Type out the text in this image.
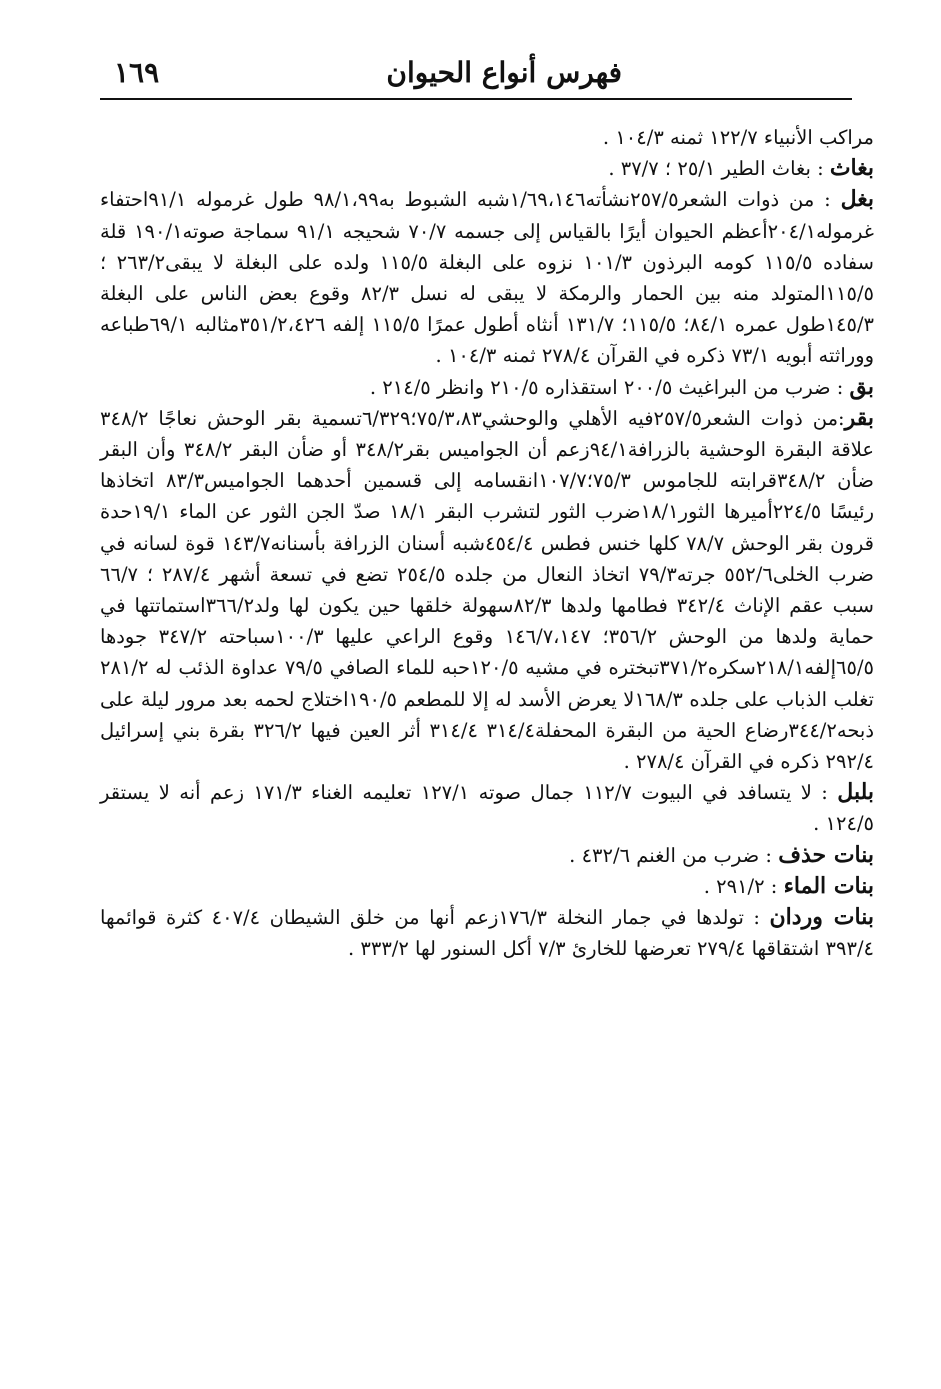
فهرس أنواع الحيوان
١٦٩

مراكب الأنبياء ١٢٢/٧ ثمنه ١٠٤/٣ .

بغاث : بغاث الطير ٢٥/١ ؛ ٣٧/٧ .

بغل : من ذوات الشعر٢٥٧/٥نشأته١/٦٩،١٤٦شبه الشبوط به٩٨/١،٩٩ طول غرموله ٩١/١احتفاء غرموله٢٠٤/١أعظم الحيوان أيرًا بالقياس إلى جسمه ٧٠/٧ شحيجه ٩١/١ سماجة صوته١٩٠/١ قلة سفاده ١١٥/٥ كومه البرذون ١٠١/٣ نزوه على البغلة ١١٥/٥ ولده على البغلة لا يبقى٢٦٣/٢ ؛ ١١٥/٥المتولد منه بين الحمار والرمكة لا يبقى له نسل ٨٢/٣ وقوع بعض الناس على البغلة ١٤٥/٣طول عمره ٨٤/١؛ ١١٥/٥؛ ١٣١/٧ أنثاه أطول عمرًا ١١٥/٥ إلفه ٣٥١/٢،٤٢٦مثالبه ٦٩/١طباعه ووراثته أبويه ٧٣/١ ذكره في القرآن ٢٧٨/٤ ثمنه ١٠٤/٣ .

بق : ضرب من البراغيث ٢٠٠/٥ استقذاره ٢١٠/٥ وانظر ٢١٤/٥ .

بقر:من ذوات الشعر٢٥٧/٥فيه الأهلي والوحشي٧٥/٣،٨٣؛٦/٣٢٩تسمية بقر الوحش نعاجًا ٣٤٨/٢ علاقة البقرة الوحشية بالزرافة٩٤/١زعم أن الجواميس بقر٣٤٨/٢ أو ضأن البقر ٣٤٨/٢ وأن البقر ضأن ٣٤٨/٢قرابته للجاموس ٧٥/٣؛١٠٧/٧انقسامه إلى قسمين أحدهما الجواميس٨٣/٣ اتخاذها رئيسًا ٢٢٤/٥أميرها الثور١٨/١ضرب الثور لتشرب البقر ١٨/١ صدّ الجن الثور عن الماء ١٩/١حدة قرون بقر الوحش ٧٨/٧ كلها خنس فطس ٤٥٤/٤شبه أسنان الزرافة بأسنانه١٤٣/٧ قوة لسانه في ضرب الخلى٥٥٢/٦ جرته٧٩/٣ اتخاذ النعال من جلده ٢٥٤/٥ تضع في تسعة أشهر ٢٨٧/٤ ؛ ٦٦/٧ سبب عقم الإناث ٣٤٢/٤ فطامها ولدها ٨٢/٣سهولة خلقها حين يكون لها ولد٣٦٦/٢استماتتها في حماية ولدها من الوحش ٣٥٦/٢؛ ١٤٦/٧،١٤٧ وقوع الراعي عليها ١٠٠/٣سباحته ٣٤٧/٢ جودها ٦٥/٥إلفه٢١٨/١سكره٣٧١/٢تبختره في مشيه ١٢٠/٥حبه للماء الصافي ٧٩/٥ عداوة الذئب له ٢٨١/٢ تغلب الذباب على جلده ١٦٨/٣لا يعرض الأسد له إلا للمطعم ١٩٠/٥اختلاج لحمه بعد مرور ليلة على ذبحه٣٤٤/٢رضاع الحية من البقرة المحفلة٣١٤/٤ ٣١٤/٤ أثر العين فيها ٣٢٦/٢ بقرة بني إسرائيل ٢٩٢/٤ ذكره في القرآن ٢٧٨/٤ .

بلبل : لا يتسافد في البيوت ١١٢/٧ جمال صوته ١٢٧/١ تعليمه الغناء ١٧١/٣ زعم أنه لا يستقر ١٢٤/٥ .

بنات حذف : ضرب من الغنم ٤٣٢/٦ .

بنات الماء : ٢٩١/٢ .

بنات وردان : تولدها في جمار النخلة ١٧٦/٣زعم أنها من خلق الشيطان ٤٠٧/٤ كثرة قوائمها ٣٩٣/٤ اشتقاقها ٢٧٩/٤ تعرضها للخارئ ٧/٣ أكل السنور لها ٣٣٣/٢ .
